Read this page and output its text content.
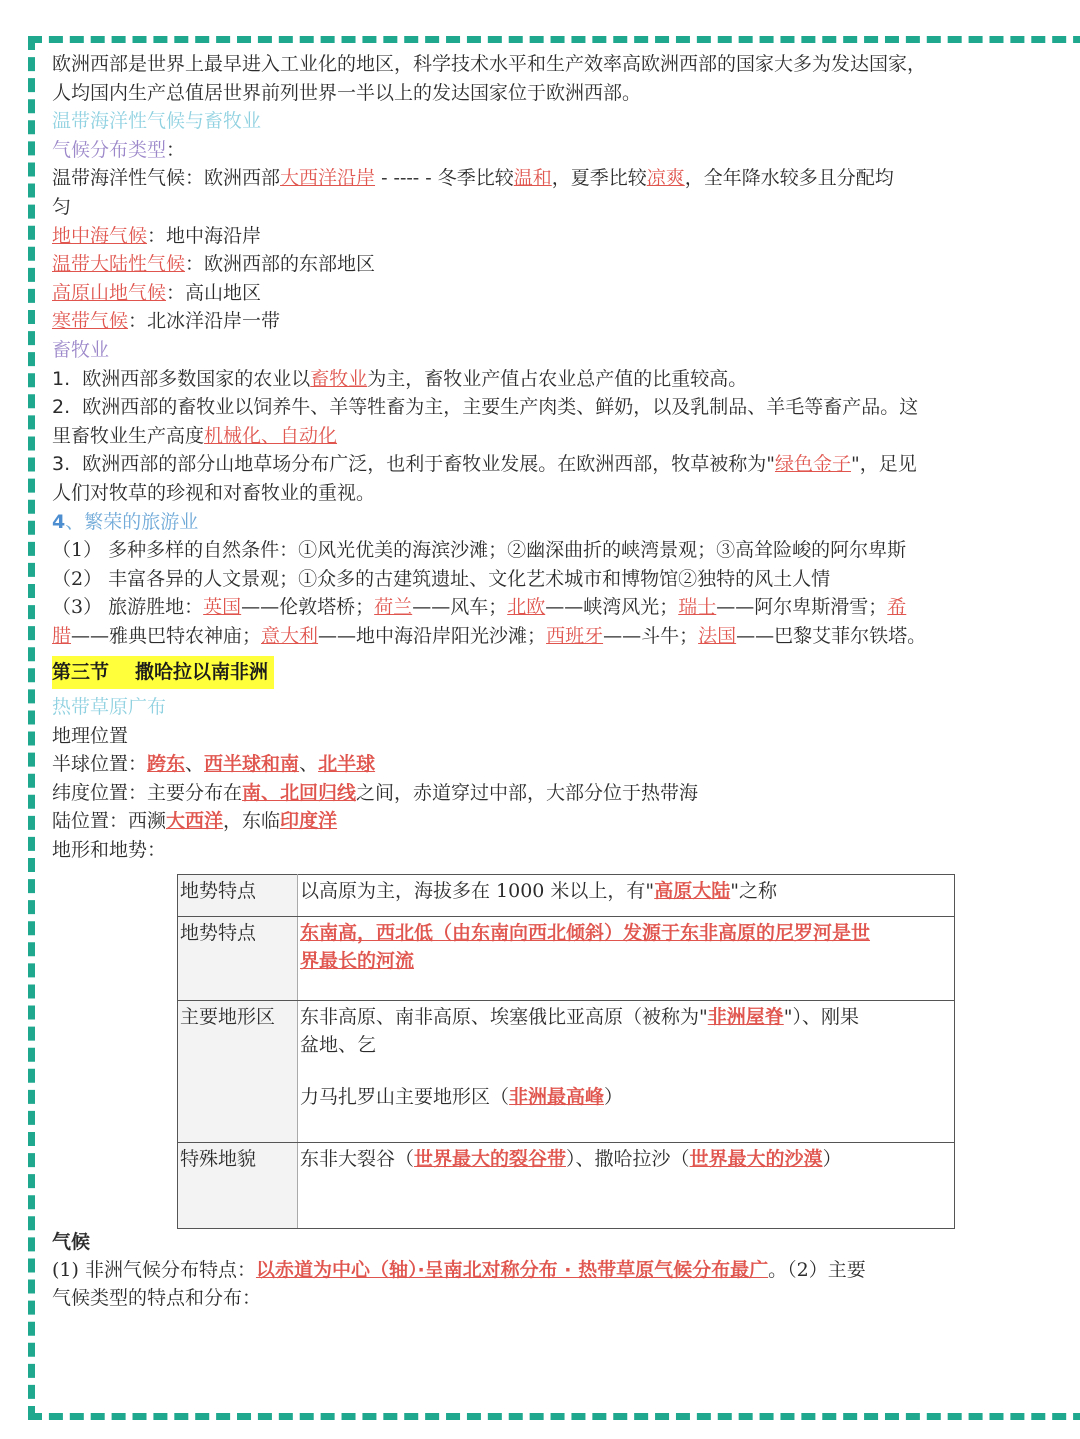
欧洲西部是世界上最早进入工业化的地区，科学技术水平和生产效率高欧洲西部的国家大多为发达国家，
人均国内生产总值居世界前列世界一半以上的发达国家位于欧洲西部。
温带海洋性气候与畜牧业
气候分布类型：
温带海洋性气候：欧洲西部大西洋沿岸 - ---- - 冬季比较温和，夏季比较凉爽，全年降水较多且分配均
匀
地中海气候：地中海沿岸
温带大陆性气候：欧洲西部的东部地区
高原山地气候：高山地区
寒带气候：北冰洋沿岸一带
畜牧业
1. 欧洲西部多数国家的农业以畜牧业为主，畜牧业产值占农业总产值的比重较高。
2. 欧洲西部的畜牧业以饲养牛、羊等牲畜为主，主要生产肉类、鲜奶，以及乳制品、羊毛等畜产品。这
里畜牧业生产高度机械化、自动化
3. 欧洲西部的部分山地草场分布广泛，也利于畜牧业发展。在欧洲西部，牧草被称为"绿色金子"，足见
人们对牧草的珍视和对畜牧业的重视。
4、繁荣的旅游业
（1） 多种多样的自然条件：①风光优美的海滨沙滩；②幽深曲折的峡湾景观；③高耸险峻的阿尔卑斯
（2） 丰富各异的人文景观；①众多的古建筑遗址、文化艺术城市和博物馆②独特的风土人情
（3） 旅游胜地：英国——伦敦塔桥；荷兰——风车；北欧——峡湾风光；瑞士——阿尔卑斯滑雪；希
腊——雅典巴特农神庙；意大利——地中海沿岸阳光沙滩；西班牙——斗牛；法国——巴黎艾菲尔铁塔。
第三节 撒哈拉以南非洲
热带草原广布
地理位置
半球位置：跨东、西半球和南、北半球
纬度位置：主要分布在南、北回归线之间，赤道穿过中部，大部分位于热带海
陆位置：西濒大西洋，东临印度洋
地形和地势：
地势特点	以高原为主，海拔多在 1000 米以上，有"高原大陆"之称
地势特点	东南高，西北低（由东南向西北倾斜）发源于东非高原的尼罗河是世
界最长的河流
主要地形区	东非高原、南非高原、埃塞俄比亚高原（被称为"非洲屋脊"）、刚果
盆地、乞
力马扎罗山主要地形区（非洲最高峰）

特殊地貌	东非大裂谷（世界最大的裂谷带）、撒哈拉沙（世界最大的沙漠）
气候
(1) 非洲气候分布特点：以赤道为中心（轴）·呈南北对称分布 · 热带草原气候分布最广。（2）主要
气候类型的特点和分布：
